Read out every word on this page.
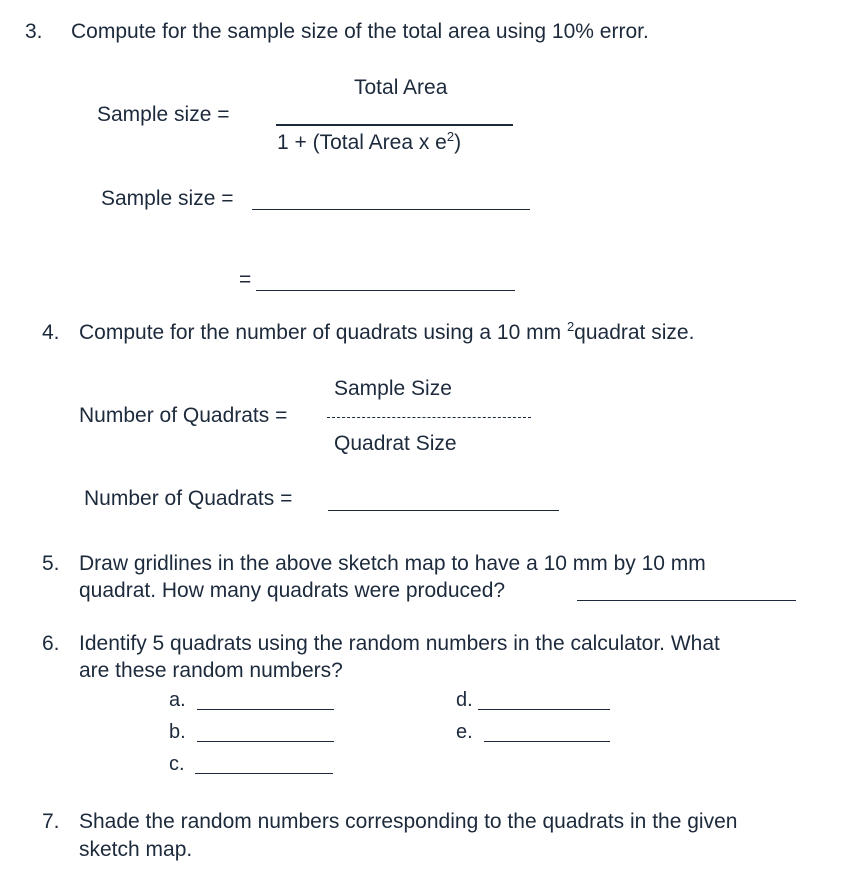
3. Compute for the sample size of the total area using 10% error.
Sample size =
Total Area
1 + (Total Area x $e^2$)
Sample size =
=
4. Compute for the number of quadrats using a 10 mm $^2$quadrat size.
Sample Size
Number of Quadrats =
Quadrat Size
Number of Quadrats =
5. Draw gridlines in the above sketch map to have a 10 mm by 10 mm
quadrat. How many quadrats were produced?
6. Identify 5 quadrats using the random numbers in the calculator. What
are these random numbers?
a.
b.
c.
d.
e.
7. Shade the random numbers corresponding to the quadrats in the given
sketch map.
